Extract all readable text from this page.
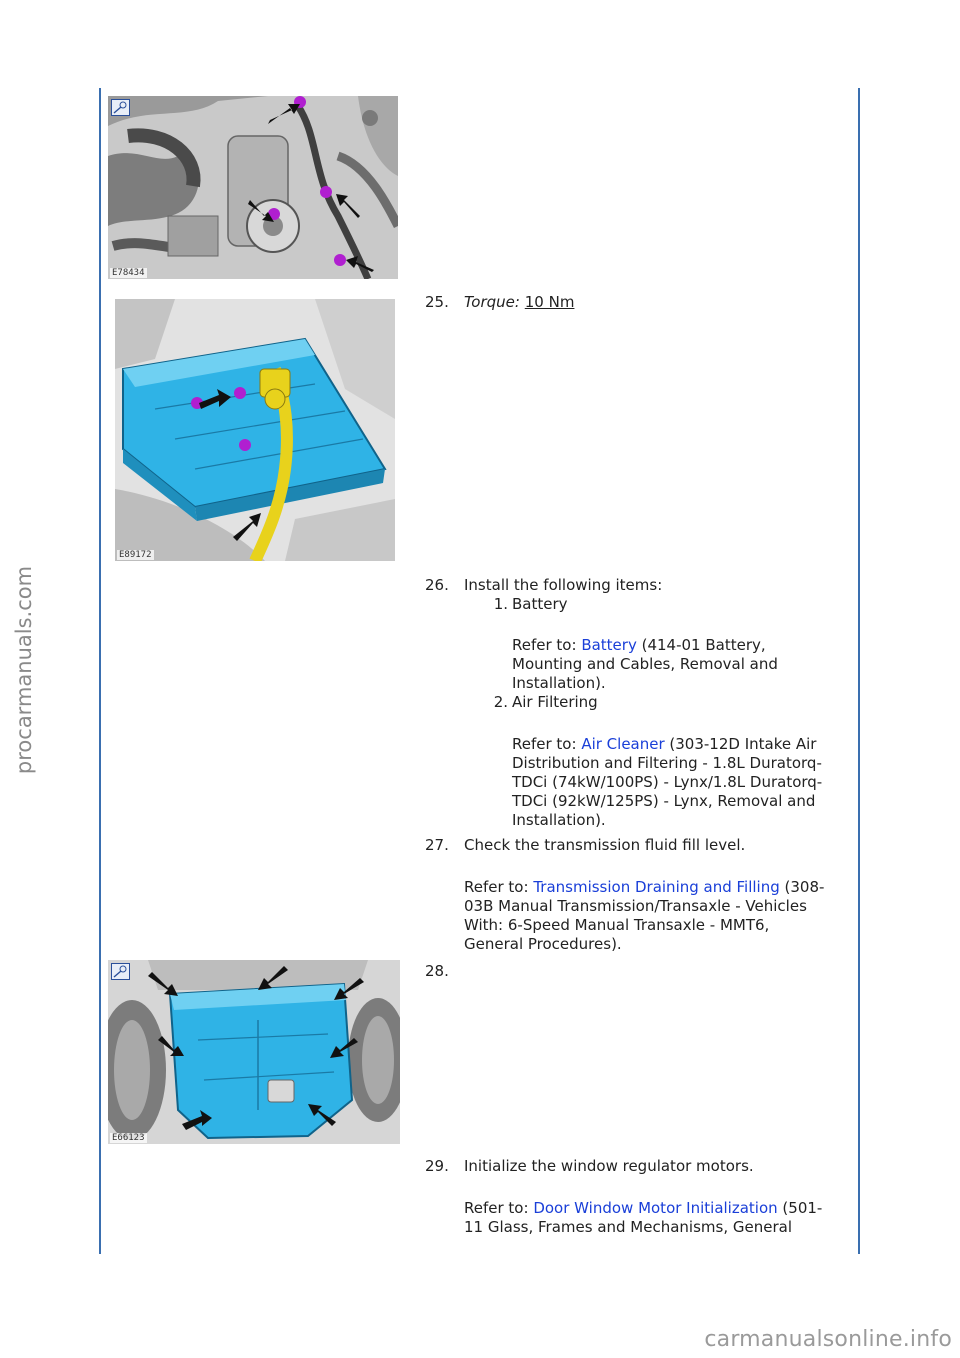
procarmanuals.com
E78434
E89172
E66123
25.	Torque: 10 Nm
26.	Install the following items:
1. Battery
Refer to: Battery (414-01 Battery,
Mounting and Cables, Removal and
Installation).
2. Air Filtering
Refer to: Air Cleaner (303-12D Intake Air
Distribution and Filtering - 1.8L Duratorq-
TDCi (74kW/100PS) - Lynx/1.8L Duratorq-
TDCi (92kW/125PS) - Lynx, Removal and
Installation).
27.	Check the transmission fluid fill level.
Refer to: Transmission Draining and Filling (308-
03B Manual Transmission/Transaxle - Vehicles
With: 6-Speed Manual Transaxle - MMT6,
General Procedures).
28.
29.	Initialize the window regulator motors.
Refer to: Door Window Motor Initialization (501-
11 Glass, Frames and Mechanisms, General
carmanualsonline.info
